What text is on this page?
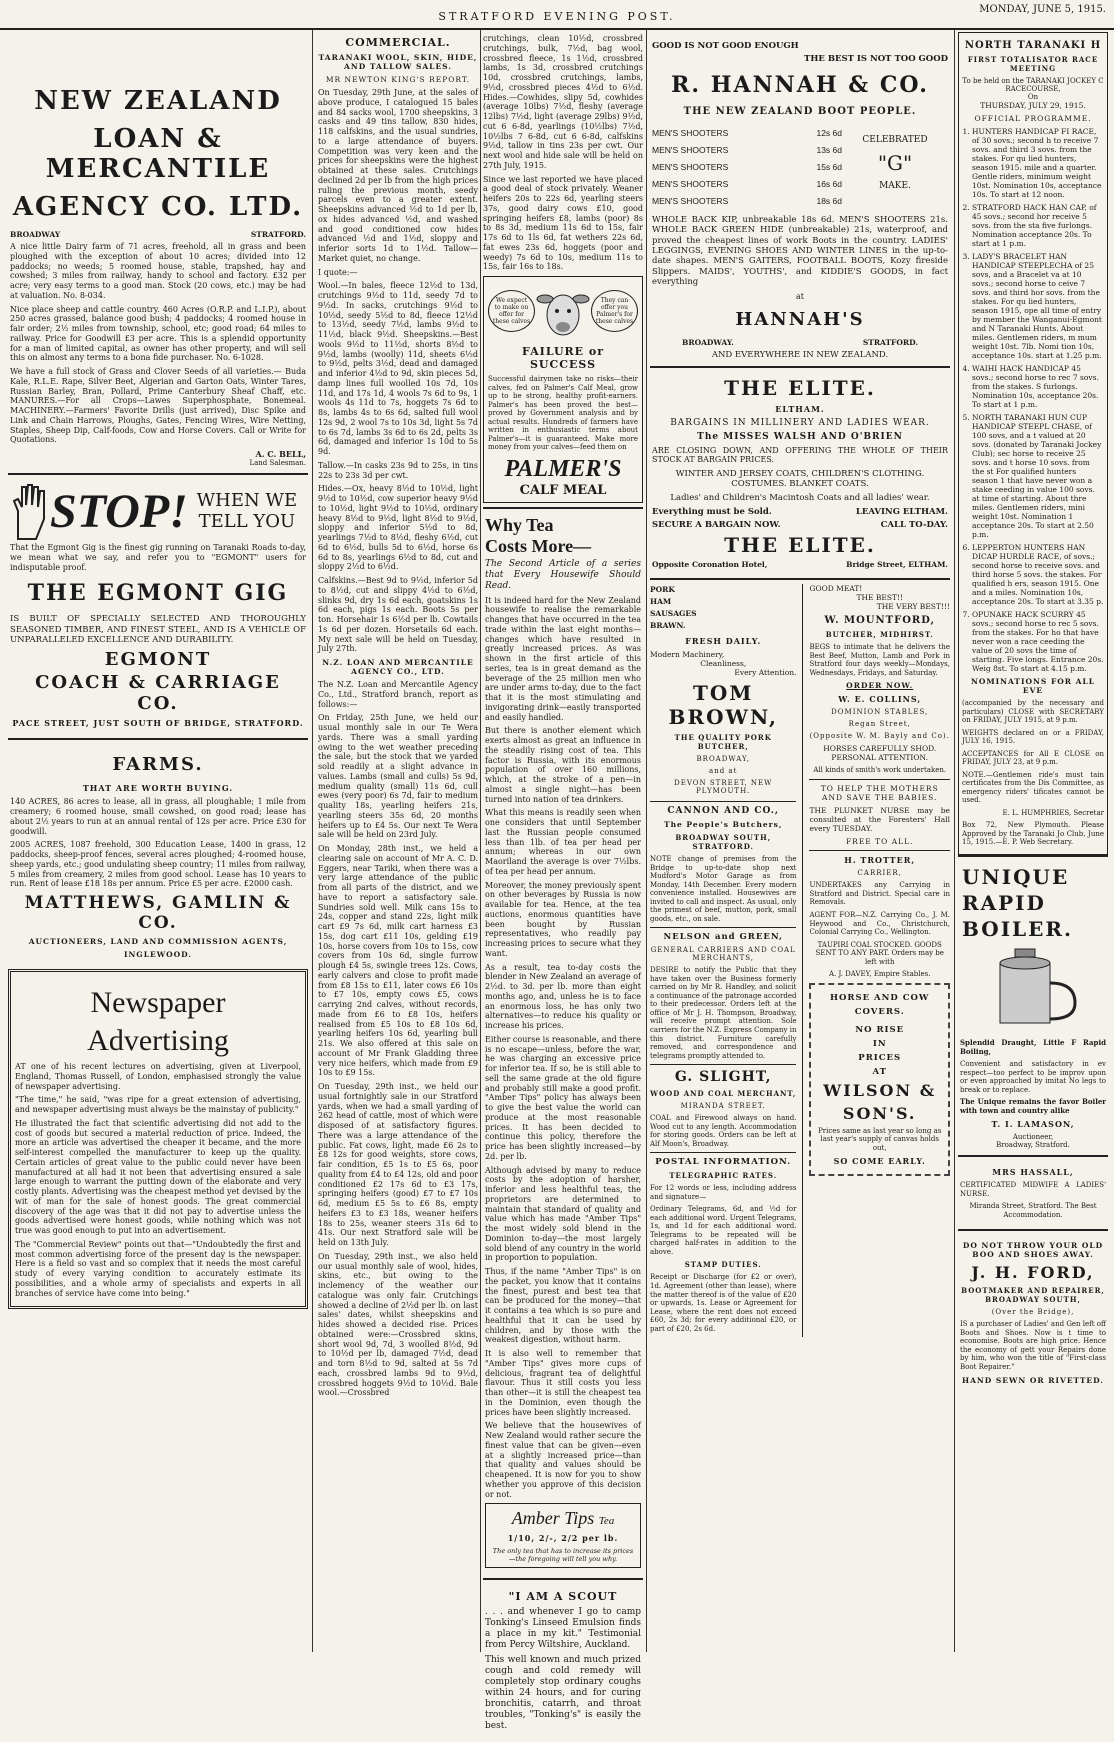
STRATFORD EVENING POST.
MONDAY, JUNE 5, 1915.
NEW ZEALAND
LOAN & MERCANTILE
AGENCY CO. LTD.
BROADWAY	STRATFORD.

A nice little Dairy farm of 71 acres, freehold, all in grass and been ploughed with the exception of about 10 acres; divided into 12 paddocks; no weeds; 5 roomed house, stable, trapshed, hay and cowshed; 3 miles from railway, handy to school and factory. £32 per acre; very easy terms to a good man. Stock (20 cows, etc.) may be had at valuation. No. 8-034.

Nice place sheep and cattle country. 460 Acres (O.R.P. and L.I.P.), about 250 acres grassed, balance good bush; 4 paddocks; 4 roomed house in fair order; 2½ miles from township, school, etc; good road; 64 miles to railway. Price for Goodwill £3 per acre. This is a splendid opportunity for a man of limited capital, as owner has other property, and will sell this on almost any terms to a bona fide purchaser. No. 6-1028.

We have a full stock of Grass and Clover Seeds of all varieties.— Buda Kale, R.L.E. Rape, Silver Beet, Algerian and Garton Oats, Winter Tares, Russian Barley, Bran, Pollard, Prime Canterbury Sheaf Chaff, etc. MANURES.—For all Crops—Lawes Superphosphate, Bonemeal. MACHINERY.—Farmers' Favorite Drills (just arrived), Disc Spike and Link and Chain Harrows, Ploughs, Gates, Fencing Wires, Wire Netting, Staples, Sheep Dip, Calf-foods, Cow and Horse Covers. Call or Write for Quotations.

A. C. BELL,
Land Salesman.
STOP! WHEN WE
TELL YOU

That the Egmont Gig is the finest gig running on Taranaki Roads to-day, we mean what we say, and refer you to "EGMONT" users for indisputable proof.

THE EGMONT GIG

IS BUILT OF SPECIALLY SELECTED AND THOROUGHLY SEASONED TIMBER, AND FINEST STEEL, AND IS A VEHICLE OF UNPARALLELED EXCELLENCE AND DURABILITY.

EGMONT
COACH & CARRIAGE CO.
PACE STREET, JUST SOUTH OF BRIDGE, STRATFORD.
FARMS.
THAT ARE WORTH BUYING.

140 ACRES, 86 acres to lease, all in grass, all ploughable; 1 mile from creamery; 6 roomed house, small cowshed, on good road; lease has about 2½ years to run at an annual rental of 12s per acre. Price £30 for goodwill.

2005 ACRES, 1087 freehold, 300 Education Lease, 1400 in grass, 12 paddocks, sheep-proof fences, several acres ploughed; 4-roomed house, sheep yards, etc.; good undulating sheep country; 11 miles from railway, 5 miles from creamery, 2 miles from good school. Lease has 10 years to run. Rent of lease £18 18s per annum. Price £5 per acre. £2000 cash.

MATTHEWS, GAMLIN & CO.
AUCTIONEERS, LAND AND COMMISSION AGENTS,
INGLEWOOD.
Newspaper
Advertising

AT one of his recent lectures on advertising, given at Liverpool, England, Thomas Russell, of London, emphasised strongly the value of newspaper advertising.

"The time," he said, "was ripe for a great extension of advertising, and newspaper advertising must always be the mainstay of publicity."

He illustrated the fact that scientific advertising did not add to the cost of goods but secured a material reduction of price. Indeed, the more an article was advertised the cheaper it became, and the more self-interest compelled the manufacturer to keep up the quality. Certain articles of great value to the public could never have been manufactured at all had it not been that advertising ensured a sale large enough to warrant the putting down of the elaborate and very costly plants. Advertising was the cheapest method yet devised by the wit of man for the sale of honest goods. The great commercial discovery of the age was that it did not pay to advertise unless the goods advertised were honest goods, while nothing which was not true was good enough to put into an advertisement.

The "Commercial Review" points out that—"Undoubtedly the first and most common advertising force of the present day is the newspaper. Here is a field so vast and so complex that it needs the most careful study of every varying condition to accurately estimate its possibilities, and a whole army of specialists and experts in all branches of service have come into being."

COMMERCIAL.
TARANAKI WOOL, SKIN, HIDE, AND TALLOW SALES.
MR NEWTON KING'S REPORT.

On Tuesday, 29th June, at the sales of above produce, I catalogued 15 bales and 84 sacks wool, 1700 sheepskins, 3 casks and 49 tins tallow, 830 hides, 118 calfskins, and the usual sundries, to a large attendance of buyers. Competition was very keen and the prices for sheepskins were the highest obtained at these sales. Crutchings declined 2d per lb from the high prices ruling the previous month, seedy parcels even to a greater extent. Sheepskins advanced ½d to 1d per lb, ox hides advanced ½d, and washed and good conditioned cow hides advanced ½d and 1½d, sloppy and inferior sorts 1d to 1½d. Tallow—Market quiet, no change.

I quote:—

Wool.—In bales, fleece 12½d to 13d, crutchings 9½d to 11d, seedy 7d to 9½d. In sacks, crutchings 9½d to 10½d, seedy 5½d to 8d, fleece 12½d to 13½d, seedy 7½d, lambs 9½d to 11½d, black 9½d. Sheepskins.—Best wools 9½d to 11½d, shorts 8½d to 9½d, lambs (woolly) 11d, sheets 6½d to 9½d, pelts 3½d, dead and damaged and inferior 4½d to 9d, skin pieces 5d, damp lines full woolled 10s 7d, 10s 11d, and 17s 1d, 4 wools 7s 6d to 9s, 1 wools 4s 11d to 7s, hoggets 7s 6d to 8s, lambs 4s to 6s 6d, salted full wool 12s 9d, 2 wool 7s to 10s 3d, light 5s 7d to 6s 7d, lambs 3s 6d to 6s 2d, pelts 3s 6d, damaged and inferior 1s 10d to 5s 9d.

Tallow.—In casks 23s 9d to 25s, in tins 22s to 23s 3d per cwt.

Hides.—Ox, heavy 8½d to 10½d, light 9½d to 10½d, cow superior heavy 9½d to 10½d, light 9½d to 10½d, ordinary heavy 8½d to 9½d, light 8½d to 9½d, sloppy and inferior 5½d to 8d, yearlings 7½d to 8½d, fleshy 6½d, cut 6d to 6½d, bulls 5d to 6½d, horse 6s 6d to 8s, yearlings 6½d to 8d, cut and sloppy 2½d to 6½d.

Calfskins.—Best 9d to 9½d, inferior 5d to 8½d, cut and slippy 4½d to 6½d, slinks 9d, dry 1s 6d each, goatskins 1s 6d each, pigs 1s each. Boots 5s per ton. Horsehair 1s 6½d per lb. Cowtails 1s 6d per dozen. Horsetails 6d each. My next sale will be held on Tuesday, July 27th.

N.Z. LOAN AND MERCANTILE AGENCY CO., LTD.

The N.Z. Loan and Mercantile Agency Co., Ltd., Stratford branch, report as follows:—

On Friday, 25th June, we held our usual monthly sale in our Te Wera yards. There was a small yarding owing to the wet weather preceding the sale, but the stock that we yarded sold readily at a slight advance in values. Lambs (small and culls) 5s 9d, medium quality (small) 11s 6d, cull ewes (very poor) 6s 7d, fair to medium quality 18s, yearling heifers 21s, yearling steers 35s 6d, 20 months heifers up to £4 5s. Our next Te Wera sale will be held on 23rd July.

On Monday, 28th inst., we held a clearing sale on account of Mr A. C. D. Eggers, near Tariki, when there was a very large attendance of the public from all parts of the district, and we have to report a satisfactory sale. Sundries sold well. Milk cans 15s to 24s, copper and stand 22s, light milk cart £9 7s 6d, milk cart harness £3 15s, dog cart £11 10s, gelding £19 10s, horse covers from 10s to 15s, cow covers from 10s 6d, single furrow plough £4 5s, swingle trees 12s. Cows, early calvers and close to profit made from £8 15s to £11, later cows £6 10s to £7 10s, empty cows £5, cows carrying 2nd calves, without records, made from £6 to £8 10s, heifers realised from £5 10s to £8 10s 6d, yearling heifers 10s 6d, yearling bull 21s. We also offered at this sale on account of Mr Frank Gladding three very nice heifers, which made from £9 10s to £9 15s.

On Tuesday, 29th inst., we held our usual fortnightly sale in our Stratford yards, when we had a small yarding of 262 head of cattle, most of which were disposed of at satisfactory figures. There was a large attendance of the public. Fat cows, light, made £6 2s to £8 12s for good weights, store cows, fair condition, £5 1s to £5 6s, poor quality from £4 to £4 12s, old and poor conditioned £2 17s 6d to £3 17s, springing heifers (good) £7 to £7 10s 6d, medium £5 5s to £6 8s, empty heifers £3 to £3 18s, weaner heifers 18s to 25s, weaner steers 31s 6d to 41s. Our next Stratford sale will be held on 13th July.

On Tuesday, 29th inst., we also held our usual monthly sale of wool, hides, skins, etc., but owing to the inclemency of the weather our catalogue was only fair. Crutchings showed a decline of 2½d per lb. on last sales' dates, whilst sheepskins and hides showed a decided rise. Prices obtained were:—Crossbred skins, short wool 9d, 7d, 3 woolled 8½d, 9d to 10½d per lb, damaged 7½d, dead and torn 8½d to 9d, salted at 5s 7d each, crossbred lambs 9d to 9½d, crossbred hoggets 9½d to 10½d. Bale wool.—Crossbred

crutchings, clean 10½d, crossbred crutchings, bulk, 7½d, bag wool, crossbred fleece, 1s 1½d, crossbred lambs, 1s 3d, crossbred crutchings 10d, crossbred crutchings, lambs, 9½d, crossbred pieces 4½d to 6½d. Hides.—Cowhides, slipy 5d, cowhides (average 10lbs) 7½d, fleshy (average 12lbs) 7½d, light (average 29lbs) 9½d, cut 6 6-8d, yearlings (10½lbs) 7½d, 10½lbs 7 6-8d, cut 6 6-8d, calfskins 9½d, tallow in tins 23s per cwt. Our next wool and hide sale will be held on 27th July, 1915.

Since we last reported we have placed a good deal of stock privately. Weaner heifers 20s to 22s 6d, yearling steers 37s, good dairy cows £10, good springing heifers £8, lambs (poor) 8s to 8s 3d, medium 11s 6d to 15s, fair 17s 6d to 1ls 6d, fat wethers 22s 6d, fat ewes 23s 6d, hoggets (poor and weedy) 7s 6d to 10s, medium 11s to 15s, fair 16s to 18s.

We expect to make on offer for these calves
They can offer you Palmer's for these calves
FAILURE or SUCCESS

Successful dairymen take no risks—their calves, fed on Palmer's Calf Meal, grow up to be strong, healthy profit-earners. Palmer's has been proved the best—proved by Government analysis and by actual results. Hundreds of farmers have written in enthusiastic terms about Palmer's—it is guaranteed. Make more money from your calves—feed them on

PALMER'S
CALF MEAL
Why Tea
Costs More—

The Second Article of a series that Every Housewife Should Read.

It is indeed hard for the New Zealand housewife to realise the remarkable changes that have occurred in the tea trade within the last eight months—changes which have resulted in greatly increased prices. As was shown in the first article of this series, tea is in great demand as the beverage of the 25 million men who are under arms to-day, due to the fact that it is the most stimulating and invigorating drink—easily transported and easily handled.

But there is another element which exerts almost as great an influence in the steadily rising cost of tea. This factor is Russia, with its enormous population of over 160 millions, which, at the stroke of a pen—in almost a single night—has been turned into nation of tea drinkers.

What this means is readily seen when one considers that until September last the Russian people consumed less than 1lb. of tea per head per annum; whereas in our own Maoriland the average is over 7½lbs. of tea per head per annum.

Moreover, the money previously spent on other beverages by Russia is now available for tea. Hence, at the tea auctions, enormous quantities have been bought by Russian representatives, who readily pay increasing prices to secure what they want.

As a result, tea to-day costs the blender in New Zealand an average of 2½d. to 3d. per lb. more than eight months ago, and, unless he is to face an enormous loss, he has only two alternatives—to reduce his quality or increase his prices.

Either course is reasonable, and there is no escape—unless, before the war, he was charging an excessive price for inferior tea. If so, he is still able to sell the same grade at the old figure and probably still make a good profit. "Amber Tips" policy has always been to give the best value the world can produce at the most reasonable prices. It has been decided to continue this policy, therefore the price has been slightly increased—by 2d. per lb.

Although advised by many to reduce costs by the adoption of harsher, inferior and less healthful teas, the proprietors are determined to maintain that standard of quality and value which has made "Amber Tips" the most widely sold blend in the Dominion to-day—the most largely sold blend of any country in the world in proportion to population.

Thus, if the name "Amber Tips" is on the packet, you know that it contains the finest, purest and best tea that can be produced for the money—that it contains a tea which is so pure and healthful that it can be used by children, and by those with the weakest digestion, without harm.

It is also well to remember that "Amber Tips" gives more cups of delicious, fragrant tea of delightful flavour. Thus it still costs you less than other—it is still the cheapest tea in the Dominion, even though the prices have been slightly increased.

We believe that the housewives of New Zealand would rather secure the finest value that can be given—even at a slightly increased price—than that quality and values should be cheapened. It is now for you to show whether you approve of this decision or not.

Amber Tips Tea
1/10, 2/-, 2/2 per lb.
The only tea that has to increase its prices—the foregoing will tell you why.
"I AM A SCOUT

. . . and whenever I go to camp Tonking's Linseed Emulsion finds a place in my kit." Testimonial from Percy Wiltshire, Auckland.

This well known and much prized cough and cold remedy will completely stop ordinary coughs within 24 hours, and for curing bronchitis, catarrh, and throat troubles, "Tonking's" is easily the best.

GOOD IS NOT GOOD ENOUGH
THE BEST IS NOT TOO GOOD
R. HANNAH & CO.
THE NEW ZEALAND BOOT PEOPLE.
MEN'S SHOOTERS	12s 6d
MEN'S SHOOTERS	13s 6d
MEN'S SHOOTERS	15s 6d
MEN'S SHOOTERS	16s 6d
MEN'S SHOOTERS	18s 6d
CELEBRATED
"G"
MAKE.

WHOLE BACK KIP, unbreakable 18s 6d. MEN'S SHOOTERS 21s. WHOLE BACK GREEN HIDE (unbreakable) 21s, waterproof, and proved the cheapest lines of work Boots in the country. LADIES' LEGGINGS, EVENING SHOES AND WINTER LINES in the up-to-date shapes. MEN'S GAITERS, FOOTBALL BOOTS, Kozy fireside Slippers. MAIDS', YOUTHS', and KIDDIE'S GOODS, in fact everything

at
HANNAH'S
BROADWAY.	STRATFORD.
AND EVERYWHERE IN NEW ZEALAND.
THE ELITE.
ELTHAM.
BARGAINS IN MILLINERY AND LADIES WEAR.
The MISSES WALSH AND O'BRIEN

ARE CLOSING DOWN, AND OFFERING THE WHOLE OF THEIR STOCK AT BARGAIN PRICES.

WINTER AND JERSEY COATS, CHILDREN'S CLOTHING. COSTUMES. BLANKET COATS.
Ladies' and Children's Macintosh Coats and all ladies' wear.
Everything must be Sold.	LEAVING ELTHAM.
SECURE A BARGAIN NOW.	CALL TO-DAY.
THE ELITE.
Opposite Coronation Hotel,	Bridge Street, ELTHAM.
PORK
HAM
SAUSAGES
BRAWN.
FRESH DAILY.
Modern Machinery,
Cleanliness,
Every Attention.
TOM BROWN,
THE QUALITY PORK BUTCHER,
BROADWAY,
and at
DEVON STREET, NEW PLYMOUTH.
CANNON AND CO.,
The People's Butchers,
BROADWAY SOUTH, STRATFORD.

NOTE change of premises from the Bridge to up-to-date shop next Mudford's Motor Garage as from Monday, 14th December. Every modern convenience installed. Housewives are invited to call and inspect. As usual, only the primest of beef, mutton, pork, small goods, etc., on sale.

NELSON and GREEN,
GENERAL CARRIERS AND COAL MERCHANTS,

DESIRE to notify the Public that they have taken over the Business formerly carried on by Mr R. Handley, and solicit a continuance of the patronage accorded to their predecessor. Orders left at the office of Mr J. H. Thompson, Broadway, will receive prompt attention. Sole carriers for the N.Z. Express Company in this district. Furniture carefully removed, and correspondence and telegrams promptly attended to.

G. SLIGHT,
WOOD AND COAL MERCHANT,
MIRANDA STREET.

COAL and Firewood always on hand. Wood cut to any length. Accommodation for storing goods. Orders can be left at Alf Moon's, Broadway.

POSTAL INFORMATION.
TELEGRAPHIC RATES.

For 12 words or less, including address and signature—

Ordinary Telegrams, 6d, and ½d for each additional word. Urgent Telegrams, 1s, and 1d for each additional word. Telegrams to be repeated will be charged half-rates in addition to the above.

STAMP DUTIES.

Receipt or Discharge (for £2 or over), 1d. Agreement (other than lease), where the matter thereof is of the value of £20 or upwards, 1s. Lease or Agreement for Lease, where the rent does not exceed £60, 2s 3d; for every additional £20, or part of £20, 2s 6d.

GOOD MEAT!
THE BEST!!
THE VERY BEST!!!
W. MOUNTFORD,
BUTCHER, MIDHIRST.

BEGS to intimate that he delivers the Best Beef, Mutton, Lamb and Pork in Stratford four days weekly—Mondays, Wednesdays, Fridays, and Saturday.

ORDER NOW.
W. E. COLLINS,
DOMINION STABLES,
Regan Street,
(Opposite W. M. Bayly and Co).

HORSES CAREFULLY SHOD. PERSONAL ATTENTION.

All kinds of smith's work undertaken.

TO HELP THE MOTHERS AND SAVE THE BABIES.

THE PLUNKET NURSE may be consulted at the Foresters' Hall every TUESDAY.

FREE TO ALL.
H. TROTTER,
CARRIER,

UNDERTAKES any Carrying in Stratford and District. Special care in Removals.

AGENT FOR—N.Z. Carrying Co., J. M. Heywood and Co., Christchurch, Colonial Carrying Co., Wellington.

TAUPIRI COAL STOCKED. GOODS SENT TO ANY PART. Orders may be left with

A. J. DAVEY, Empire Stables.

HORSE AND COW
COVERS.
NO RISE
IN
PRICES
AT
WILSON &
SON'S.

Prices same as last year so long as last year's supply of canvas holds out,

SO COME EARLY.
NORTH TARANAKI H
FIRST TOTALISATOR RACE MEETING
To be held on the TARANAKI JOCKEY C RACECOURSE,
On
THURSDAY, JULY 29, 1915.
OFFICIAL PROGRAMME.
1. HUNTERS HANDICAP FI RACE, of 30 sovs.; second h to receive 7 sovs. and third 3 sovs. from the stakes. For qu lied hunters, season 1915. mile and a quarter. Gentle riders, minimum weight 10st. Nomination 10s, acceptance 10s. To start at 12 noon.
2. STRATFORD HACK HAN CAP, of 45 sovs.; second hor receive 5 sovs. from the sta five furlongs. Nomination acceptance 20s. To start at 1 p.m.
3. LADY'S BRACELET HAN HANDICAP STEEPLECHA of 25 sovs, and a Bracelet va at 10 sovs.; second horse to ceive 7 sovs. and third hor sovs. from the stakes. For qu lied hunters, season 1915, ope all time of entry by member the Wanganui-Egmont and N Taranaki Hunts. About miles. Gentlemen riders, m mum weight 10st. 7lb. Nomi tion 10s, acceptance 10s. start at 1.25 p.m.
4. WAIHI HACK HANDICAP 45 sovs.; second horse to rec 7 sovs. from the stakes. S furlongs. Nomination 10s, acceptance 20s. To start at 1 p.m.
5. NORTH TARANAKI HUN CUP HANDICAP STEEPL CHASE, of 100 sovs, and a t valued at 20 sovs. (donated by Taranaki Jockey Club); sec horse to receive 25 sovs. and t horse 10 sovs. from the st For qualified hunters season 1 that have never won a stake ceeding in value 100 sovs. at time of starting. About thre miles. Gentlemen riders, mini weight 10st. Nomination 1 acceptance 20s. To start at 2.50 p.m.
6. LEPPERTON HUNTERS HAN DICAP HURDLE RACE, of sovs.; second horse to receive sovs. and third horse 5 sovs. the stakes. For qualified h ers, season 1915. One and a miles. Nomination 10s, acceptance 20s. To start at 3.35 p.
7. OPUNAKE HACK SCURRY 45 sovs.; second horse to rec 5 sovs. from the stakes. For ho that have never won a race ceeding the value of 20 sovs the time of starting. Five longs. Entrance 20s. Weig 8st. To start at 4.15 p.m.
NOMINATIONS FOR ALL EVE

(accompanied by the necessary and particulars) CLOSE with SECRETARY on FRIDAY, JULY 1915, at 9 p.m.

WEIGHTS declared on or a FRIDAY, JULY 16, 1915.

ACCEPTANCES for All E CLOSE on FRIDAY, JULY 23, at 9 p.m.

NOTE.—Gentlemen ride's must tain certificates from the Dis Committee, as emergency riders' tificates cannot be used.

E. L. HUMPHRIES, Secretar

Box 72, New Plymouth. Please Approved by the Taranaki Jo Club, June 15, 1915.—E. P. Web Secretary.

UNIQUE
RAPID
BOILER.

Splendid Draught, Little F Rapid Boiling,

Convenient and satisfactory in ev respect—too perfect to be improv upon or even approached by imitat No legs to break or to replace.

The Unique remains the favor Boiler with town and country alike

T. I. LAMASON,
Auctioneer,
Broadway, Stratford.
MRS HASSALL,

CERTIFICATED MIDWIFE A LADIES' NURSE.

Miranda Street, Stratford. The Best Accommodation.

DO NOT THROW YOUR OLD BOO AND SHOES AWAY.
J. H. FORD,
BOOTMAKER AND REPAIRER, BROADWAY SOUTH,
(Over the Bridge),

IS a purchaser of Ladies' and Gen left off Boots and Shoes. Now is t time to economise. Boots are high price. Hence the economy of gett your Repairs done by him, who won the title of "First-class Boot Repairer."

HAND SEWN OR RIVETTED.
